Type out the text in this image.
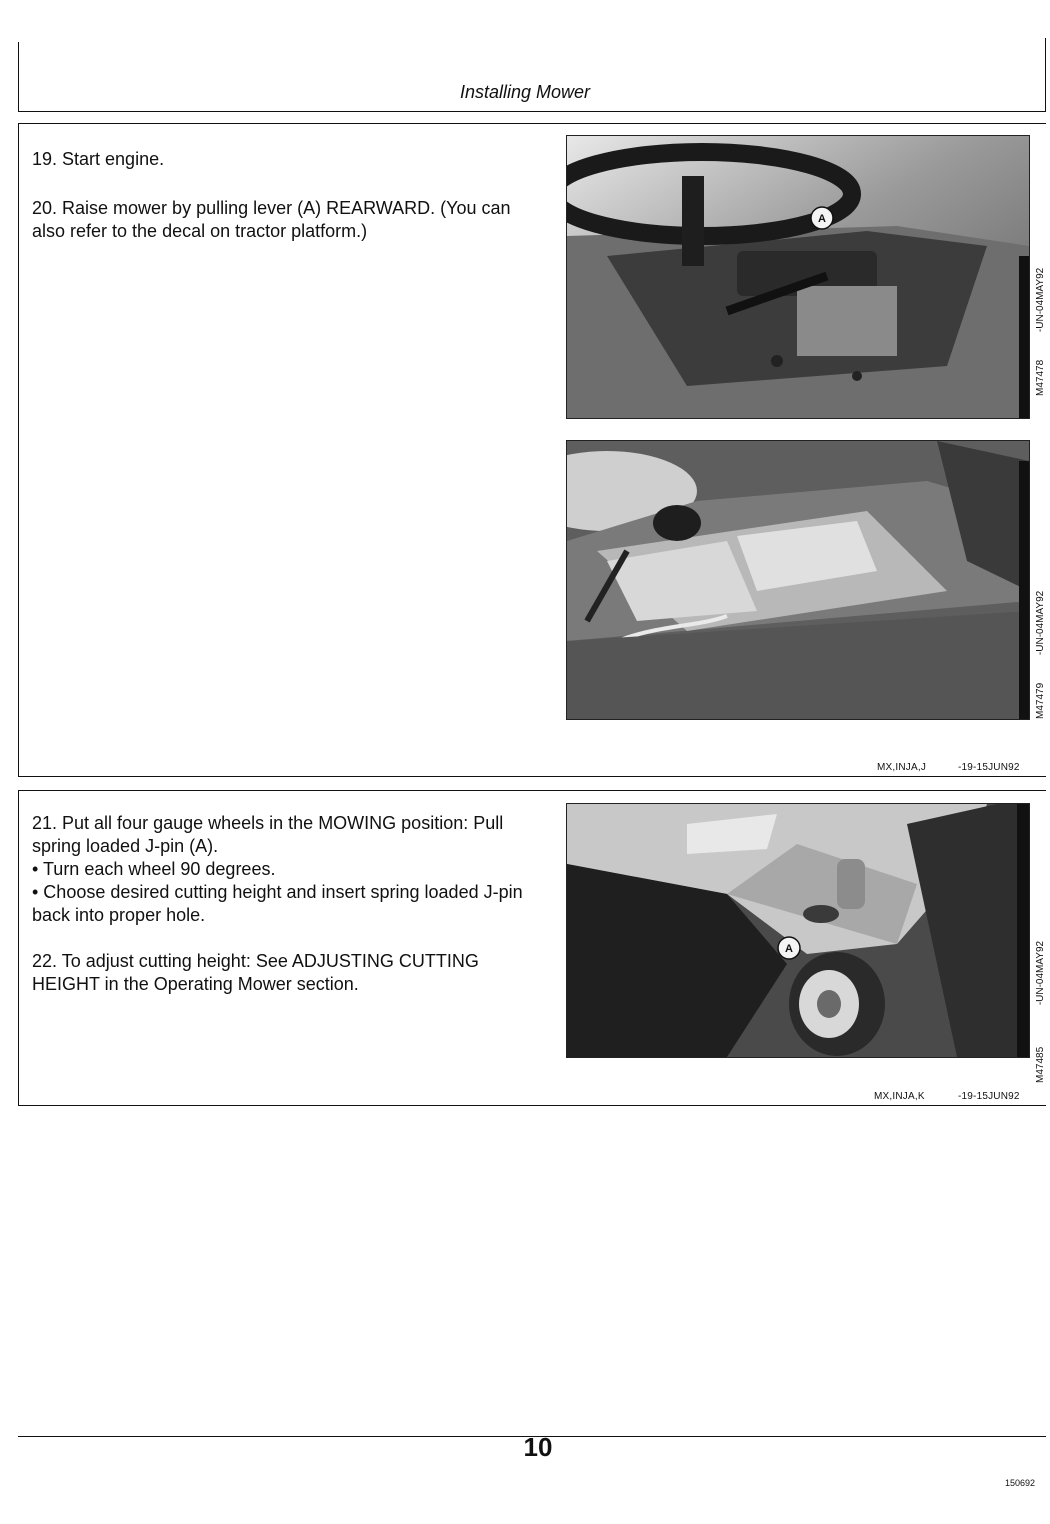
Installing Mower
19. Start engine.
20. Raise mower by pulling lever (A) REARWARD. (You can also refer to the decal on tractor platform.)
A
M47478          -UN-04MAY92
M47479          -UN-04MAY92
MX,INJA,J	-19-15JUN92
21. Put all four gauge wheels in the MOWING position: Pull spring loaded J-pin (A).
• Turn each wheel 90 degrees.
• Choose desired cutting height and insert spring loaded J-pin back into proper hole.
22. To adjust cutting height: See ADJUSTING CUTTING HEIGHT in the Operating Mower section.
A
M47485               -UN-04MAY92
MX,INJA,K	-19-15JUN92
10
150692
